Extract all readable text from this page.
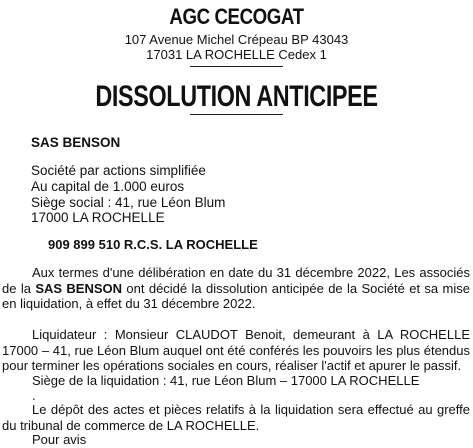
AGC CECOGAT
107 Avenue Michel Crépeau BP 43043
17031 LA ROCHELLE Cedex 1
DISSOLUTION ANTICIPEE
SAS BENSON
Société par actions simplifiée
Au capital de 1.000 euros
Siège social : 41, rue Léon Blum
17000 LA ROCHELLE
909 899 510 R.C.S. LA ROCHELLE

Aux termes d'une délibération en date du 31 décembre 2022, Les associés de la SAS BENSON ont décidé la dissolution anticipée de la Société et sa mise en liquidation, à effet du 31 décembre 2022.

Liquidateur : Monsieur CLAUDOT Benoit, demeurant à LA ROCHELLE 17000 – 41, rue Léon Blum auquel ont été conférés les pouvoirs les plus étendus pour terminer les opérations sociales en cours, réaliser l'actif et apurer le passif.

Siège de la liquidation : 41, rue Léon Blum – 17000 LA ROCHELLE

.

Le dépôt des actes et pièces relatifs à la liquidation sera effectué au greffe du tribunal de commerce de LA ROCHELLE.

Pour avis
